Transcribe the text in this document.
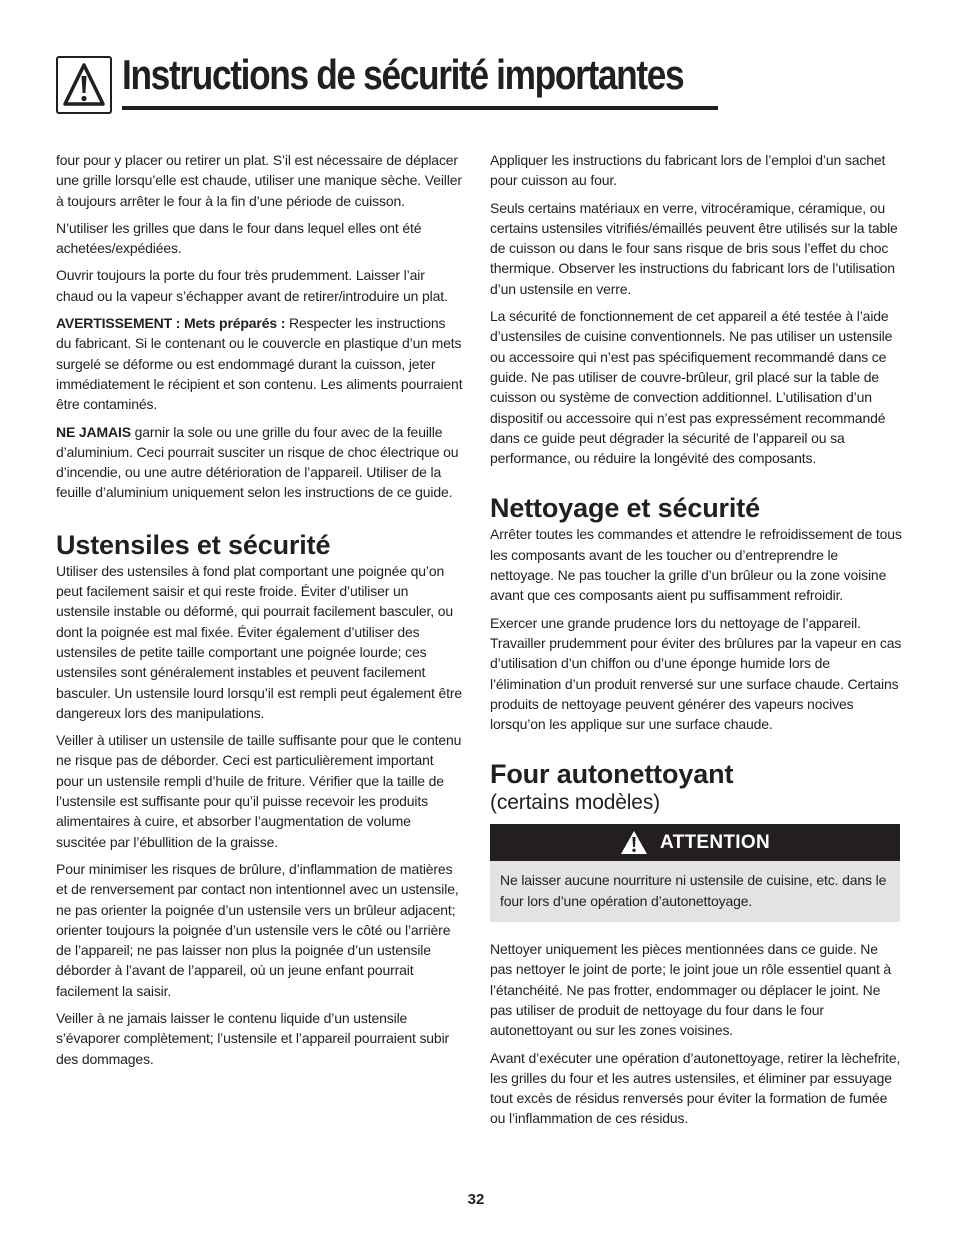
Instructions de sécurité importantes

four pour y placer ou retirer un plat. S’il est nécessaire de déplacer une grille lorsqu’elle est chaude, utiliser une manique sèche. Veiller à toujours arrêter le four à la fin d’une période de cuisson.

N’utiliser les grilles que dans le four dans lequel elles ont été achetées/expédiées.

Ouvrir toujours la porte du four très prudemment. Laisser l’air chaud ou la vapeur s’échapper avant de retirer/introduire un plat.

AVERTISSEMENT : Mets préparés : Respecter les instructions du fabricant. Si le contenant ou le couvercle en plastique d’un mets surgelé se déforme ou est endommagé durant la cuisson, jeter immédiatement le récipient et son contenu. Les aliments pourraient être contaminés.

NE JAMAIS garnir la sole ou une grille du four avec de la feuille d’aluminium. Ceci pourrait susciter un risque de choc électrique ou d’incendie, ou une autre détérioration de l’appareil. Utiliser de la feuille d’aluminium uniquement selon les instructions de ce guide.

Ustensiles et sécurité

Utiliser des ustensiles à fond plat comportant une poignée qu’on peut facilement saisir et qui reste froide. Éviter d’utiliser un ustensile instable ou déformé, qui pourrait facilement basculer, ou dont la poignée est mal fixée. Éviter également d’utiliser des ustensiles de petite taille comportant une poignée lourde; ces ustensiles sont généralement instables et peuvent facilement basculer. Un ustensile lourd lorsqu’il est rempli peut également être dangereux lors des manipulations.

Veiller à utiliser un ustensile de taille suffisante pour que le contenu ne risque pas de déborder. Ceci est particulièrement important pour un ustensile rempli d’huile de friture. Vérifier que la taille de l’ustensile est suffisante pour qu’il puisse recevoir les produits alimentaires à cuire, et absorber l’augmentation de volume suscitée par l’ébullition de la graisse.

Pour minimiser les risques de brûlure, d’inflammation de matières et de renversement par contact non intentionnel avec un ustensile, ne pas orienter la poignée d’un ustensile vers un brûleur adjacent; orienter toujours la poignée d’un ustensile vers le côté ou l’arrière de l’appareil; ne pas laisser non plus la poignée d’un ustensile déborder à l’avant de l’appareil, où un jeune enfant pourrait facilement la saisir.

Veiller à ne jamais laisser le contenu liquide d’un ustensile s’évaporer complètement; l’ustensile et l’appareil pourraient subir des dommages.

Appliquer les instructions du fabricant lors de l’emploi d’un sachet pour cuisson au four.

Seuls certains matériaux en verre, vitrocéramique, céramique, ou certains ustensiles vitrifiés/émaillés peuvent être utilisés sur la table de cuisson ou dans le four sans risque de bris sous l’effet du choc thermique. Observer les instructions du fabricant lors de l’utilisation d’un ustensile en verre.

La sécurité de fonctionnement de cet appareil a été testée à l’aide d’ustensiles de cuisine conventionnels. Ne pas utiliser un ustensile ou accessoire qui n’est pas spécifiquement recommandé dans ce guide. Ne pas utiliser de couvre-brûleur, gril placé sur la table de cuisson ou système de convection additionnel. L’utilisation d’un dispositif ou accessoire qui n’est pas expressément recommandé dans ce guide peut dégrader la sécurité de l’appareil ou sa performance, ou réduire la longévité des composants.

Nettoyage et sécurité

Arrêter toutes les commandes et attendre le refroidissement de tous les composants avant de les toucher ou d’entreprendre le nettoyage. Ne pas toucher la grille d’un brûleur ou la zone voisine avant que ces composants aient pu suffisamment refroidir.

Exercer une grande prudence lors du nettoyage de l’appareil. Travailler prudemment pour éviter des brûlures par la vapeur en cas d’utilisation d’un chiffon ou d’une éponge humide lors de l’élimination d’un produit renversé sur une surface chaude. Certains produits de nettoyage peuvent générer des vapeurs nocives lorsqu’on les applique sur une surface chaude.

Four autonettoyant
(certains modèles)
ATTENTION
Ne laisser aucune nourriture ni ustensile de cuisine, etc. dans le four lors d’une opération d’autonettoyage.

Nettoyer uniquement les pièces mentionnées dans ce guide. Ne pas nettoyer le joint de porte; le joint joue un rôle essentiel quant à l’étanchéité. Ne pas frotter, endommager ou déplacer le joint. Ne pas utiliser de produit de nettoyage du four dans le four autonettoyant ou sur les zones voisines.

Avant d’exécuter une opération d’autonettoyage, retirer la lèchefrite, les grilles du four et les autres ustensiles, et éliminer par essuyage tout excès de résidus renversés pour éviter la formation de fumée ou l’inflammation de ces résidus.

32
